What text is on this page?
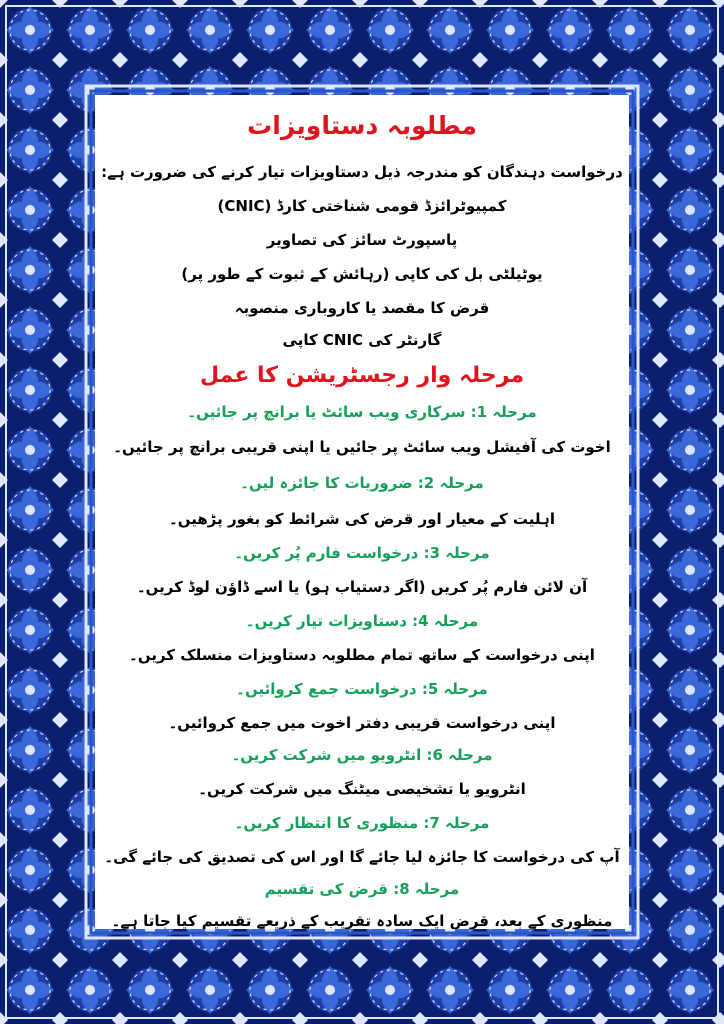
مطلوبہ دستاویزات
درخواست دہندگان کو مندرجہ ذیل دستاویزات تیار کرنے کی ضرورت ہے:
کمپیوٹرائزڈ قومی شناختی کارڈ (CNIC)
پاسپورٹ سائز کی تصاویر
یوٹیلٹی بل کی کاپی (رہائش کے ثبوت کے طور پر)
قرض کا مقصد یا کاروباری منصوبہ
گارنٹر کی CNIC کاپی
مرحلہ وار رجسٹریشن کا عمل
مرحلہ 1: سرکاری ویب سائٹ یا برانچ پر جائیں۔
اخوت کی آفیشل ویب سائٹ پر جائیں یا اپنی قریبی برانچ پر جائیں۔
مرحلہ 2: ضروریات کا جائزہ لیں۔
اہلیت کے معیار اور قرض کی شرائط کو بغور پڑھیں۔
مرحلہ 3: درخواست فارم پُر کریں۔
آن لائن فارم پُر کریں (اگر دستیاب ہو) یا اسے ڈاؤن لوڈ کریں۔
مرحلہ 4: دستاویزات تیار کریں۔
اپنی درخواست کے ساتھ تمام مطلوبہ دستاویزات منسلک کریں۔
مرحلہ 5: درخواست جمع کروائیں۔
اپنی درخواست قریبی دفتر اخوت میں جمع کروائیں۔
مرحلہ 6: انٹرویو میں شرکت کریں۔
انٹرویو یا تشخیصی میٹنگ میں شرکت کریں۔
مرحلہ 7: منظوری کا انتظار کریں۔
آپ کی درخواست کا جائزہ لیا جائے گا اور اس کی تصدیق کی جائے گی۔
مرحلہ 8: قرض کی تقسیم
منظوری کے بعد، قرض ایک سادہ تقریب کے ذریعے تقسیم کیا جاتا ہے۔
